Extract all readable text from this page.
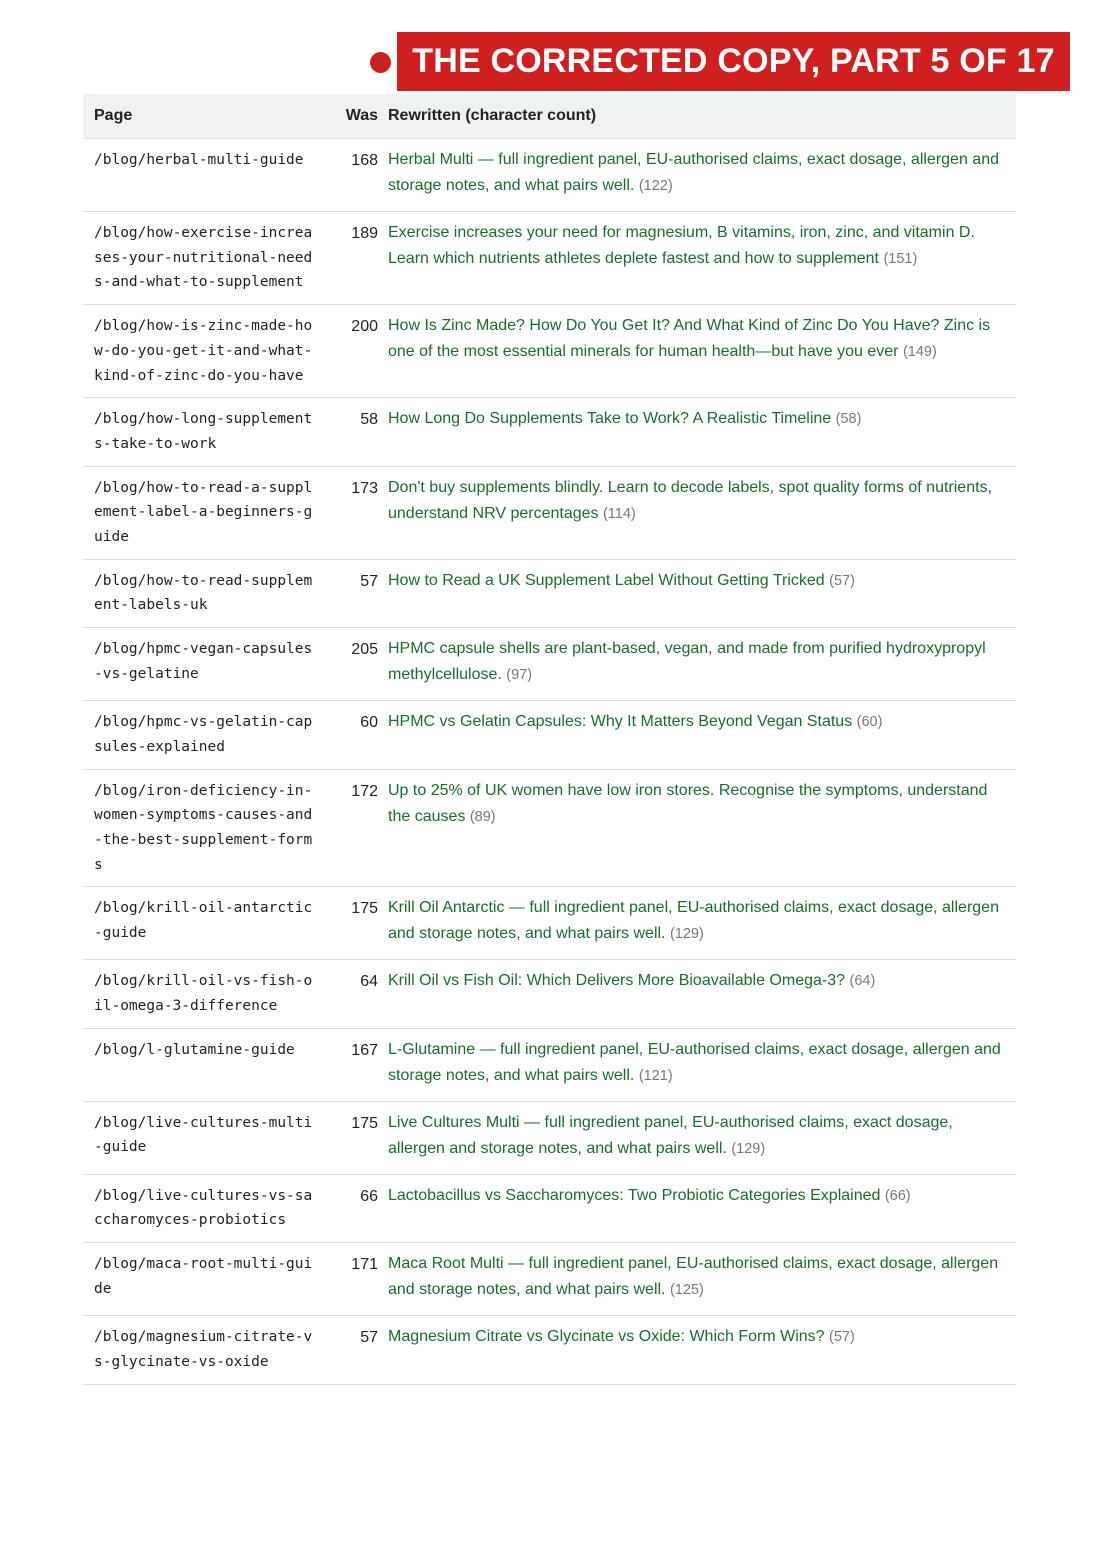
THE CORRECTED COPY, PART 5 OF 17
Page	Was	Rewritten (character count)
/blog/herbal-multi-guide	168	Herbal Multi — full ingredient panel, EU-authorised claims, exact dosage, allergen and storage notes, and what pairs well. (122)
/blog/how-exercise-increases-your-nutritional-needs-and-what-to-supplement	189	Exercise increases your need for magnesium, B vitamins, iron, zinc, and vitamin D. Learn which nutrients athletes deplete fastest and how to supplement (151)
/blog/how-is-zinc-made-how-do-you-get-it-and-what-kind-of-zinc-do-you-have	200	How Is Zinc Made? How Do You Get It? And What Kind of Zinc Do You Have? Zinc is one of the most essential minerals for human health—but have you ever (149)
/blog/how-long-supplements-take-to-work	58	How Long Do Supplements Take to Work? A Realistic Timeline (58)
/blog/how-to-read-a-supplement-label-a-beginners-guide	173	Don't buy supplements blindly. Learn to decode labels, spot quality forms of nutrients, understand NRV percentages (114)
/blog/how-to-read-supplement-labels-uk	57	How to Read a UK Supplement Label Without Getting Tricked (57)
/blog/hpmc-vegan-capsules-vs-gelatine	205	HPMC capsule shells are plant-based, vegan, and made from purified hydroxypropyl methylcellulose. (97)
/blog/hpmc-vs-gelatin-capsules-explained	60	HPMC vs Gelatin Capsules: Why It Matters Beyond Vegan Status (60)
/blog/iron-deficiency-in-women-symptoms-causes-and-the-best-supplement-forms	172	Up to 25% of UK women have low iron stores. Recognise the symptoms, understand the causes (89)
/blog/krill-oil-antarctic-guide	175	Krill Oil Antarctic — full ingredient panel, EU-authorised claims, exact dosage, allergen and storage notes, and what pairs well. (129)
/blog/krill-oil-vs-fish-oil-omega-3-difference	64	Krill Oil vs Fish Oil: Which Delivers More Bioavailable Omega-3? (64)
/blog/l-glutamine-guide	167	L-Glutamine — full ingredient panel, EU-authorised claims, exact dosage, allergen and storage notes, and what pairs well. (121)
/blog/live-cultures-multi-guide	175	Live Cultures Multi — full ingredient panel, EU-authorised claims, exact dosage, allergen and storage notes, and what pairs well. (129)
/blog/live-cultures-vs-saccharomyces-probiotics	66	Lactobacillus vs Saccharomyces: Two Probiotic Categories Explained (66)
/blog/maca-root-multi-guide	171	Maca Root Multi — full ingredient panel, EU-authorised claims, exact dosage, allergen and storage notes, and what pairs well. (125)
/blog/magnesium-citrate-vs-glycinate-vs-oxide	57	Magnesium Citrate vs Glycinate vs Oxide: Which Form Wins? (57)
